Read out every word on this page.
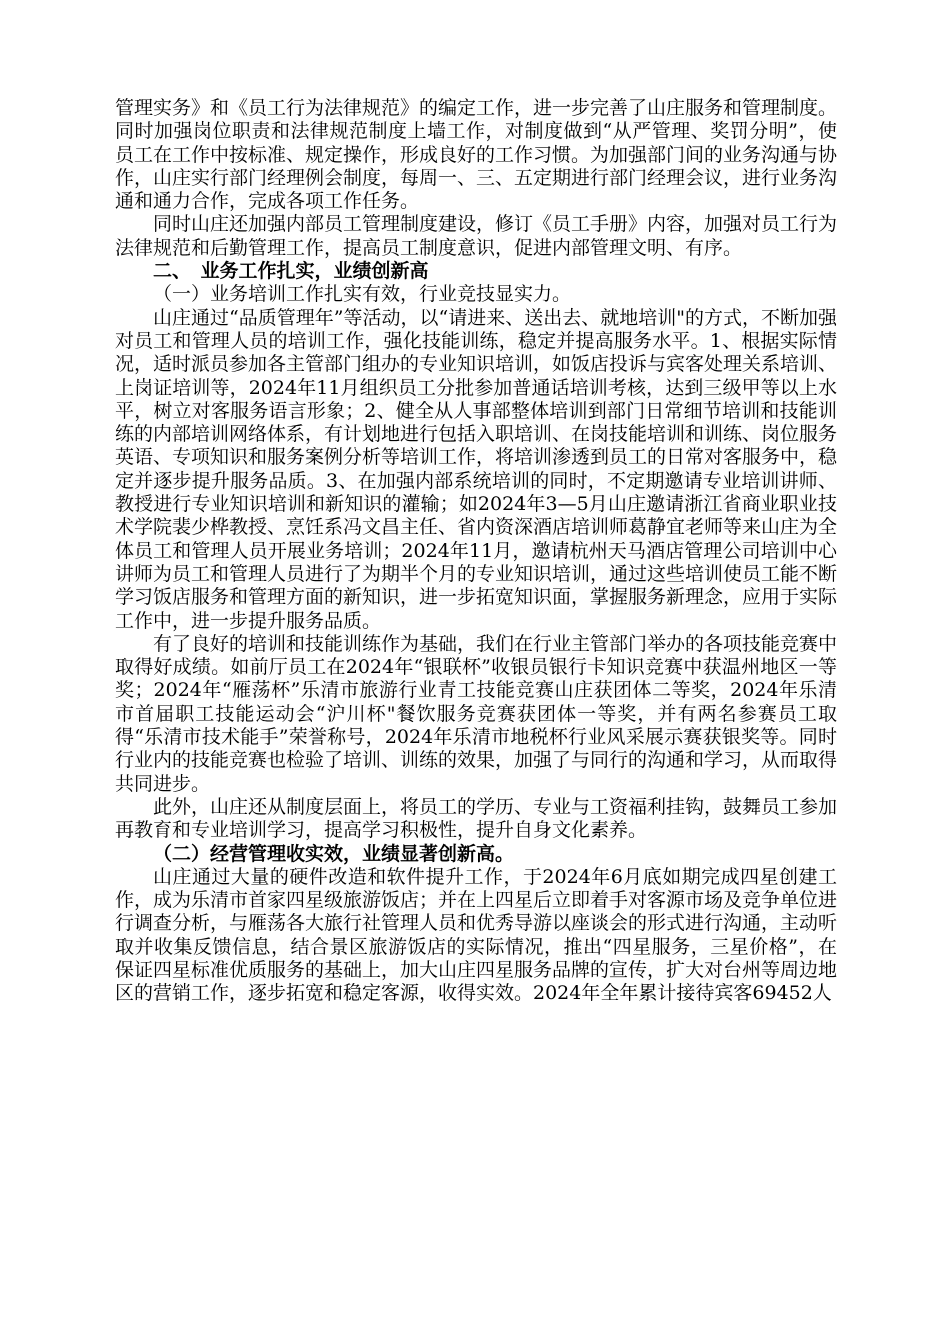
管理实务》和《员工行为法律规范》的编定工作，进一步完善了山庄服务和管理制度。同时加强岗位职责和法律规范制度上墙工作，对制度做到“从严管理、奖罚分明”，使员工在工作中按标准、规定操作，形成良好的工作习惯。为加强部门间的业务沟通与协作，山庄实行部门经理例会制度，每周一、三、五定期进行部门经理会议，进行业务沟通和通力合作，完成各项工作任务。

同时山庄还加强内部员工管理制度建设，修订《员工手册》内容，加强对员工行为法律规范和后勤管理工作，提高员工制度意识，促进内部管理文明、有序。

二、　业务工作扎实，业绩创新高

（一）业务培训工作扎实有效，行业竞技显实力。

山庄通过“品质管理年”等活动，以“请进来、送出去、就地培训"的方式，不断加强对员工和管理人员的培训工作，强化技能训练，稳定并提高服务水平。1、根据实际情况，适时派员参加各主管部门组办的专业知识培训，如饭店投诉与宾客处理关系培训、上岗证培训等，2024年11月组织员工分批参加普通话培训考核，达到三级甲等以上水平，树立对客服务语言形象；2、健全从人事部整体培训到部门日常细节培训和技能训练的内部培训网络体系，有计划地进行包括入职培训、在岗技能培训和训练、岗位服务英语、专项知识和服务案例分析等培训工作，将培训渗透到员工的日常对客服务中，稳定并逐步提升服务品质。3、在加强内部系统培训的同时，不定期邀请专业培训讲师、教授进行专业知识培训和新知识的灌输；如2024年3—5月山庄邀请浙江省商业职业技术学院裴少桦教授、烹饪系冯文昌主任、省内资深酒店培训师葛静宜老师等来山庄为全体员工和管理人员开展业务培训；2024年11月，邀请杭州天马酒店管理公司培训中心讲师为员工和管理人员进行了为期半个月的专业知识培训，通过这些培训使员工能不断学习饭店服务和管理方面的新知识，进一步拓宽知识面，掌握服务新理念，应用于实际工作中，进一步提升服务品质。

有了良好的培训和技能训练作为基础，我们在行业主管部门举办的各项技能竞赛中取得好成绩。如前厅员工在2024年“银联杯”收银员银行卡知识竞赛中获温州地区一等奖；2024年“雁荡杯”乐清市旅游行业青工技能竞赛山庄获团体二等奖，2024年乐清市首届职工技能运动会“沪川杯"餐饮服务竞赛获团体一等奖，并有两名参赛员工取得“乐清市技术能手”荣誉称号，2024年乐清市地税杯行业风采展示赛获银奖等。同时行业内的技能竞赛也检验了培训、训练的效果，加强了与同行的沟通和学习，从而取得共同进步。

此外，山庄还从制度层面上，将员工的学历、专业与工资福利挂钩，鼓舞员工参加再教育和专业培训学习，提高学习积极性，提升自身文化素养。

（二）经营管理收实效，业绩显著创新高。

山庄通过大量的硬件改造和软件提升工作，于2024年6月底如期完成四星创建工作，成为乐清市首家四星级旅游饭店；并在上四星后立即着手对客源市场及竞争单位进行调查分析，与雁荡各大旅行社管理人员和优秀导游以座谈会的形式进行沟通，主动听取并收集反馈信息，结合景区旅游饭店的实际情况，推出“四星服务，三星价格”，在保证四星标准优质服务的基础上，加大山庄四星服务品牌的宣传，扩大对台州等周边地区的营销工作，逐步拓宽和稳定客源，收得实效。2024年全年累计接待宾客69452人
